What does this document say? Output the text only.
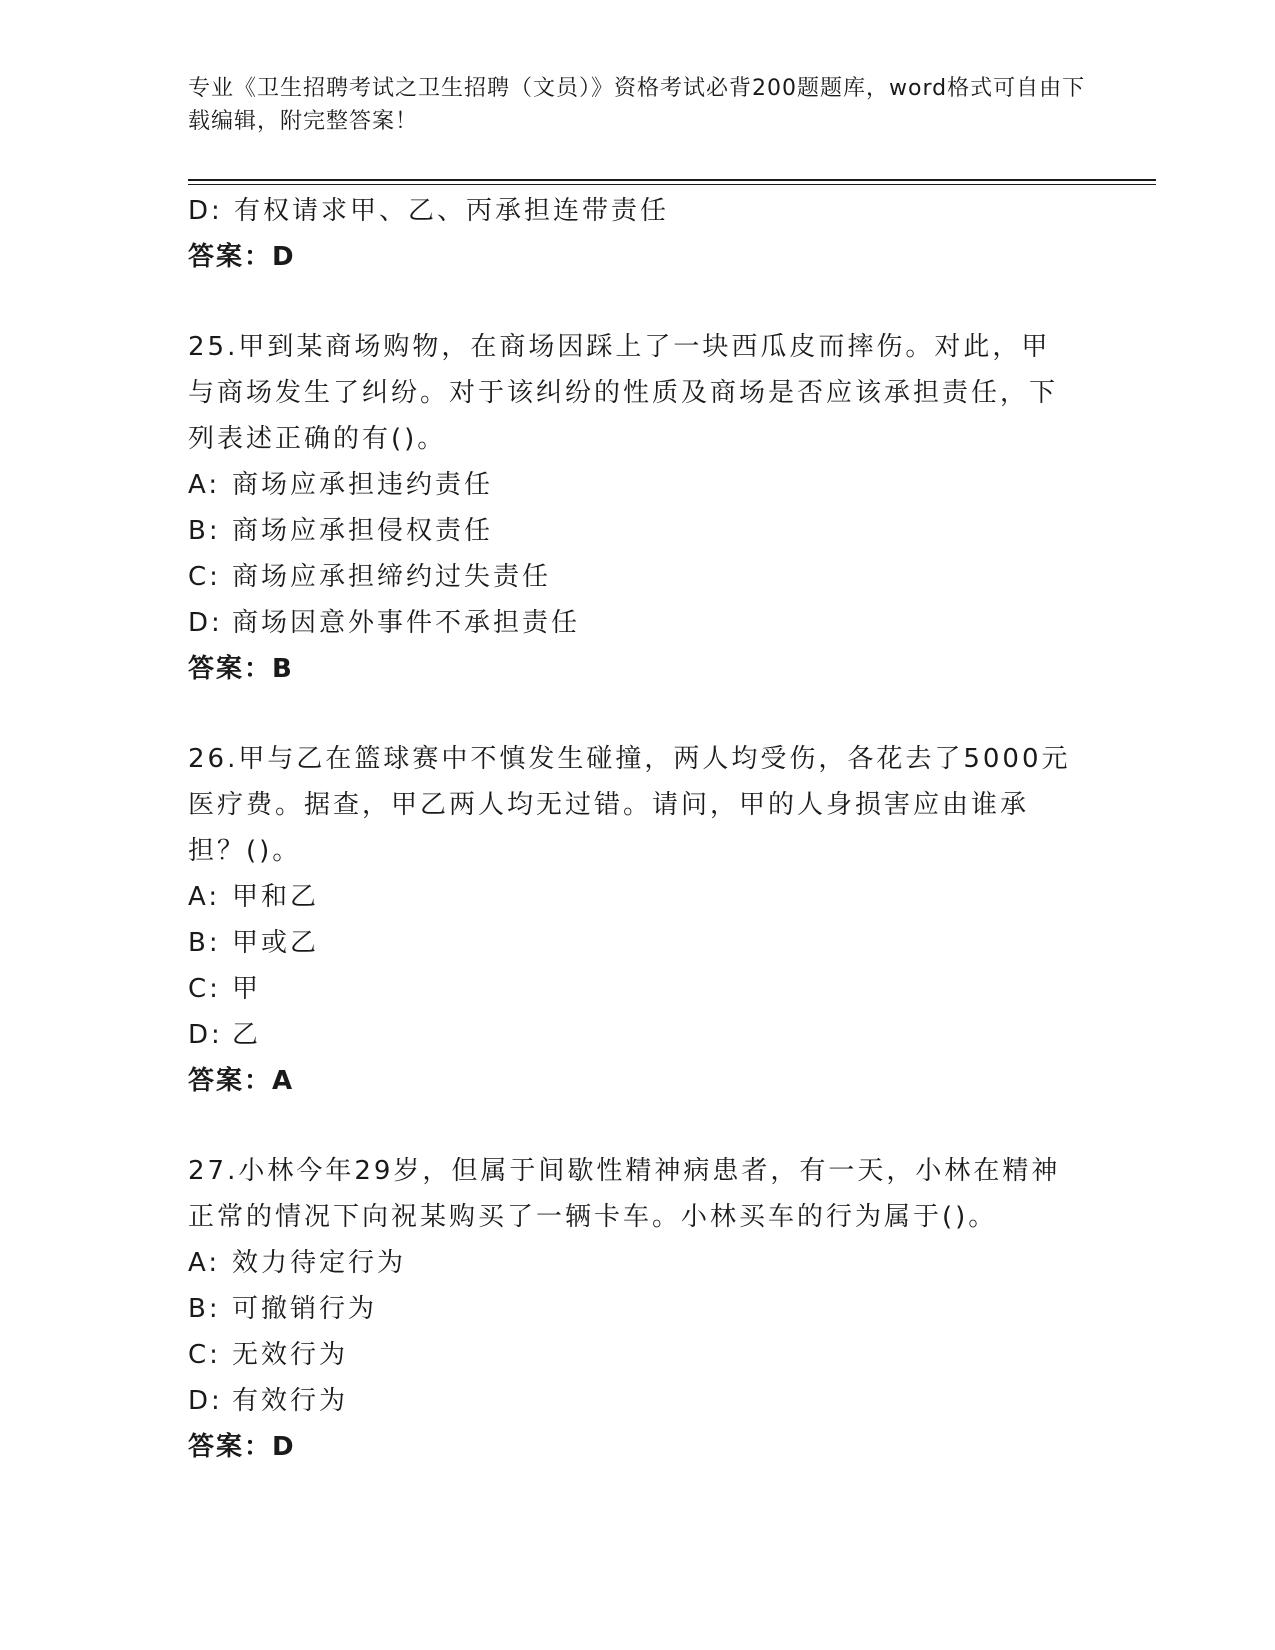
专业《卫生招聘考试之卫生招聘（文员）》资格考试必背200题题库，word格式可自由下载编辑，附完整答案！
D: 有权请求甲、乙、丙承担连带责任
答案：D
25.甲到某商场购物，在商场因踩上了一块西瓜皮而摔伤。对此，甲与商场发生了纠纷。对于该纠纷的性质及商场是否应该承担责任，下列表述正确的有()。
A: 商场应承担违约责任
B: 商场应承担侵权责任
C: 商场应承担缔约过失责任
D: 商场因意外事件不承担责任
答案：B
26.甲与乙在篮球赛中不慎发生碰撞，两人均受伤，各花去了5000元医疗费。据查，甲乙两人均无过错。请问，甲的人身损害应由谁承担？()。
A: 甲和乙
B: 甲或乙
C: 甲
D: 乙
答案：A
27.小林今年29岁，但属于间歇性精神病患者，有一天，小林在精神正常的情况下向祝某购买了一辆卡车。小林买车的行为属于()。
A: 效力待定行为
B: 可撤销行为
C: 无效行为
D: 有效行为
答案：D
